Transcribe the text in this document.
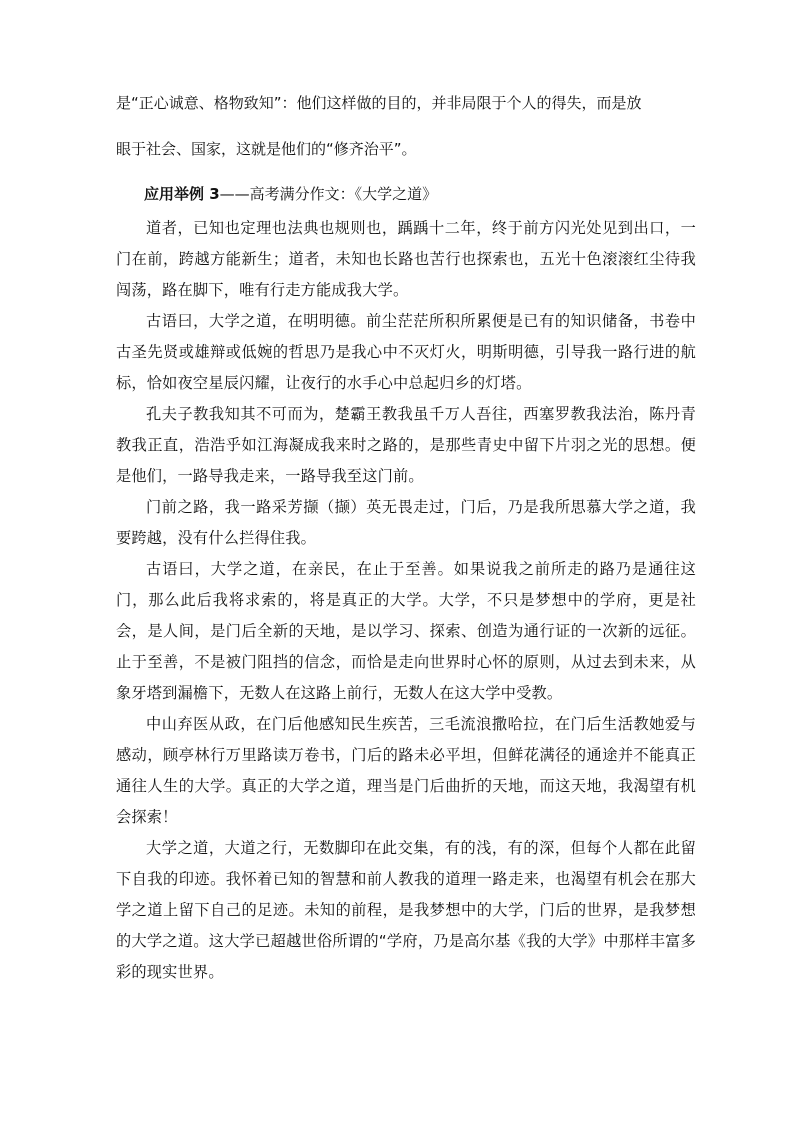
是“正心诚意、格物致知”：他们这样做的目的，并非局限于个人的得失，而是放

眼于社会、国家，这就是他们的“修齐治平”。

应用举例 3——高考满分作文：《大学之道》

道者，已知也定理也法典也规则也，踽踽十二年，终于前方闪光处见到出口，一门在前，跨越方能新生；道者，未知也长路也苦行也探索也，五光十色滚滚红尘待我闯荡，路在脚下，唯有行走方能成我大学。

古语曰，大学之道，在明明德。前尘茫茫所积所累便是已有的知识储备，书卷中古圣先贤或雄辩或低婉的哲思乃是我心中不灭灯火，明斯明德，引导我一路行进的航标，恰如夜空星辰闪耀，让夜行的水手心中总起归乡的灯塔。

孔夫子教我知其不可而为，楚霸王教我虽千万人吾往，西塞罗教我法治，陈丹青教我正直，浩浩乎如江海凝成我来时之路的，是那些青史中留下片羽之光的思想。便是他们，一路导我走来，一路导我至这门前。

门前之路，我一路采芳撷（撷）英无畏走过，门后，乃是我所思慕大学之道，我要跨越，没有什么拦得住我。

古语曰，大学之道，在亲民，在止于至善。如果说我之前所走的路乃是通往这门，那么此后我将求索的，将是真正的大学。大学，不只是梦想中的学府，更是社会，是人间，是门后全新的天地，是以学习、探索、创造为通行证的一次新的远征。止于至善，不是被门阻挡的信念，而恰是走向世界时心怀的原则，从过去到未来，从象牙塔到漏檐下，无数人在这路上前行，无数人在这大学中受教。

中山弃医从政，在门后他感知民生疾苦，三毛流浪撒哈拉，在门后生活教她爱与感动，顾亭林行万里路读万卷书，门后的路未必平坦，但鲜花满径的通途并不能真正通往人生的大学。真正的大学之道，理当是门后曲折的天地，而这天地，我渴望有机会探索！

大学之道，大道之行，无数脚印在此交集，有的浅，有的深，但每个人都在此留下自我的印迹。我怀着已知的智慧和前人教我的道理一路走来，也渴望有机会在那大学之道上留下自己的足迹。未知的前程，是我梦想中的大学，门后的世界，是我梦想的大学之道。这大学已超越世俗所谓的“学府，乃是高尔基《我的大学》中那样丰富多彩的现实世界。
